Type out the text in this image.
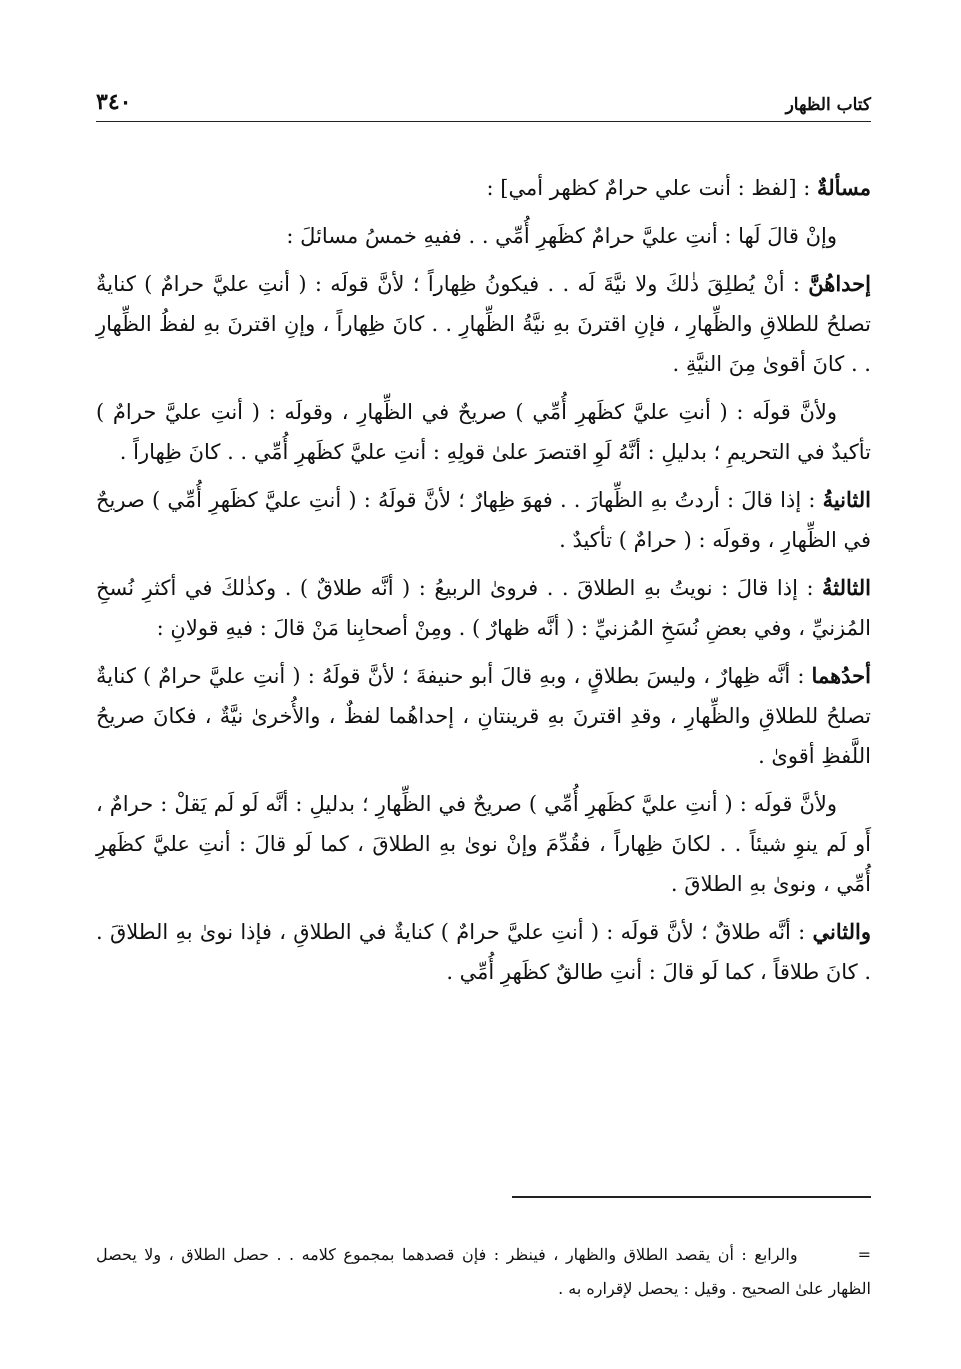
كتاب الظهار
٣٤٠

مسألةٌ : [لفظ : أنت علي حرامٌ كظهر أمي] :

وإنْ قالَ لَها : أنتِ عليَّ حرامٌ كظَهرِ أُمِّي . . ففيهِ خمسُ مسائلَ :

إحداهُنَّ : أنْ يُطلِقَ ذٰلكَ ولا نيَّةَ لَه . . فيكونُ ظِهاراً ؛ لأنَّ قولَه : ( أنتِ عليَّ حرامٌ ) كنايةٌ تصلحُ للطلاقِ والظِّهارِ ، فإنِ اقترنَ بهِ نيَّةُ الظِّهارِ . . كانَ ظِهاراً ، وإنِ اقترنَ بهِ لفظُ الظِّهارِ . . كانَ أقوىٰ مِنَ النيَّةِ .

ولأنَّ قولَه : ( أنتِ عليَّ كظَهرِ أُمِّي ) صريحٌ في الظِّهارِ ، وقولَه : ( أنتِ عليَّ حرامٌ ) تأكيدٌ في التحريمِ ؛ بدليلِ : أنَّهُ لَوِ اقتصرَ علىٰ قولِهِ : أنتِ عليَّ كظَهرِ أُمِّي . . كانَ ظِهاراً .

الثانيةُ : إذا قالَ : أردتُ بهِ الظِّهارَ . . فهوَ ظِهارٌ ؛ لأنَّ قولَهُ : ( أنتِ عليَّ كظَهرِ أُمِّي ) صريحٌ في الظِّهارِ ، وقولَه : ( حرامٌ ) تأكيدٌ .

الثالثةُ : إذا قالَ : نويتُ بهِ الطلاقَ . . فروىٰ الربيعُ : ( أنَّه طلاقٌ ) . وكذٰلكَ في أكثرِ نُسخِ المُزنيِّ ، وفي بعضِ نُسَخِ المُزنيِّ : ( أنَّه ظهارٌ ) . ومِنْ أصحابِنا مَنْ قالَ : فيهِ قولانِ :

أحدُهما : أنَّه ظِهارٌ ، وليسَ بطلاقٍ ، وبهِ قالَ أبو حنيفةَ ؛ لأنَّ قولَهُ : ( أنتِ عليَّ حرامٌ ) كنايةٌ تصلحُ للطلاقِ والظِّهارِ ، وقدِ اقترنَ بهِ قرينتانِ ، إحداهُما لفظٌ ، والأُخرىٰ نيَّةٌ ، فكانَ صريحُ اللَّفظِ أقوىٰ .

ولأنَّ قولَه : ( أنتِ عليَّ كظَهرِ أُمِّي ) صريحٌ في الظِّهارِ ؛ بدليلِ : أنَّه لَو لَم يَقلْ : حرامٌ ، أَو لَم ينوِ شيئاً . . لكانَ ظِهاراً ، فقُدِّمَ وإنْ نوىٰ بهِ الطلاقَ ، كما لَو قالَ : أنتِ عليَّ كظَهرِ أُمِّي ، ونوىٰ بهِ الطلاقَ .

والثاني : أنَّه طلاقٌ ؛ لأنَّ قولَه : ( أنتِ عليَّ حرامٌ ) كنايةٌ في الطلاقِ ، فإذا نوىٰ بهِ الطلاقَ . . كانَ طلاقاً ، كما لَو قالَ : أنتِ طالقٌ كظَهرِ أُمِّي .

=والرابع : أن يقصد الطلاق والظهار ، فينظر : فإن قصدهما بمجموع كلامه . . حصل الطلاق ، ولا يحصل الظهار علىٰ الصحيح . وقيل : يحصل لإقراره به .
